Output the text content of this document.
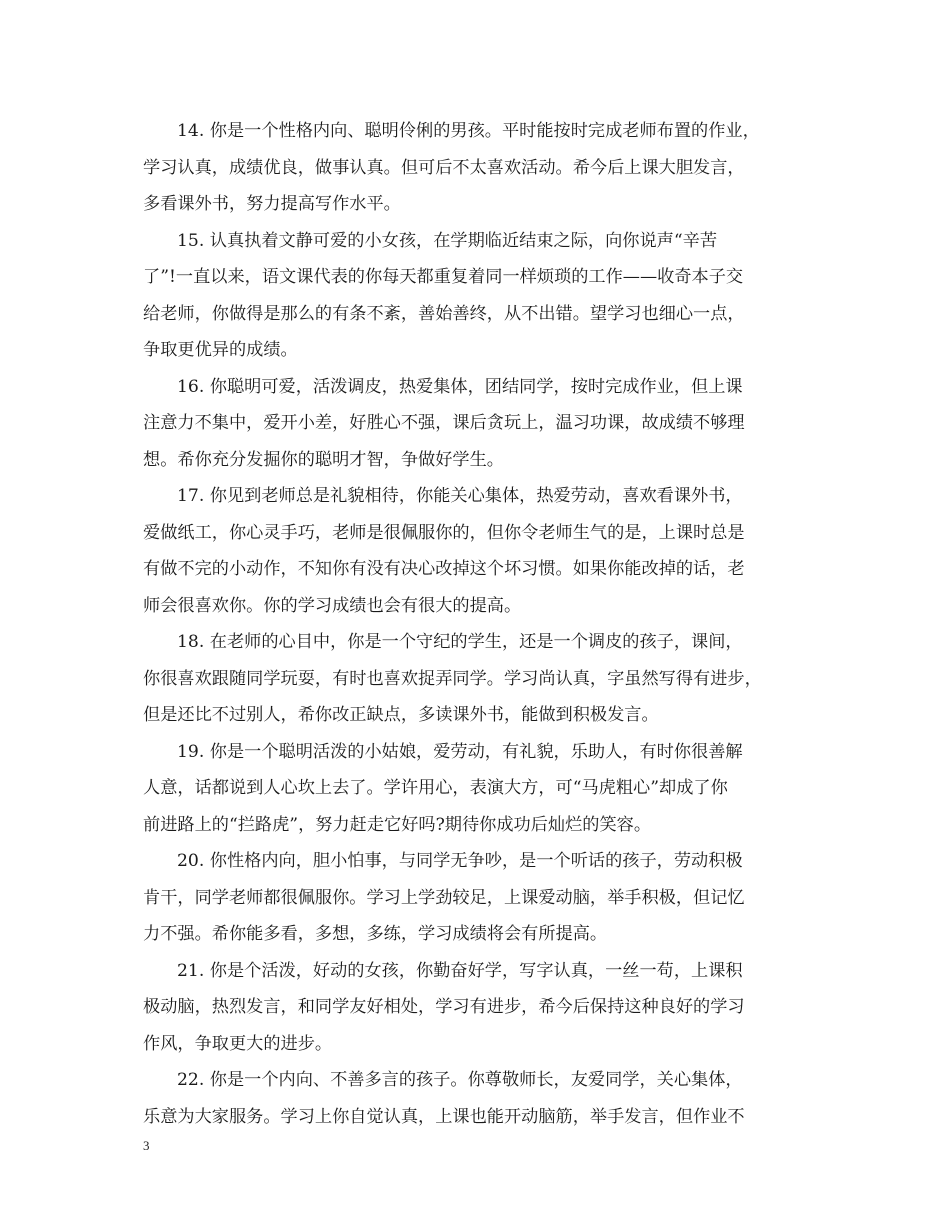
14. 你是一个性格内向、聪明伶俐的男孩。平时能按时完成老师布置的作业，
学习认真，成绩优良，做事认真。但可后不太喜欢活动。希今后上课大胆发言，
多看课外书，努力提高写作水平。
15. 认真执着文静可爱的小女孩，在学期临近结束之际，向你说声“辛苦
了”!一直以来，语文课代表的你每天都重复着同一样烦琐的工作——收奇本子交
给老师，你做得是那么的有条不紊，善始善终，从不出错。望学习也细心一点，
争取更优异的成绩。
16. 你聪明可爱，活泼调皮，热爱集体，团结同学，按时完成作业，但上课
注意力不集中，爱开小差，好胜心不强，课后贪玩上，温习功课，故成绩不够理
想。希你充分发掘你的聪明才智，争做好学生。
17. 你见到老师总是礼貌相待，你能关心集体，热爱劳动，喜欢看课外书，
爱做纸工，你心灵手巧，老师是很佩服你的，但你令老师生气的是，上课时总是
有做不完的小动作，不知你有没有决心改掉这个坏习惯。如果你能改掉的话，老
师会很喜欢你。你的学习成绩也会有很大的提高。
18. 在老师的心目中，你是一个守纪的学生，还是一个调皮的孩子，课间，
你很喜欢跟随同学玩耍，有时也喜欢捉弄同学。学习尚认真，字虽然写得有进步，
但是还比不过别人，希你改正缺点，多读课外书，能做到积极发言。
19. 你是一个聪明活泼的小姑娘，爱劳动，有礼貌，乐助人，有时你很善解
人意，话都说到人心坎上去了。学许用心，表演大方，可“马虎粗心”却成了你
前进路上的“拦路虎”，努力赶走它好吗?期待你成功后灿烂的笑容。
20. 你性格内向，胆小怕事，与同学无争吵，是一个听话的孩子，劳动积极
肯干，同学老师都很佩服你。学习上学劲较足，上课爱动脑，举手积极，但记忆
力不强。希你能多看，多想，多练，学习成绩将会有所提高。
21. 你是个活泼，好动的女孩，你勤奋好学，写字认真，一丝一苟，上课积
极动脑，热烈发言，和同学友好相处，学习有进步，希今后保持这种良好的学习
作风，争取更大的进步。
22. 你是一个内向、不善多言的孩子。你尊敬师长，友爱同学，关心集体，
乐意为大家服务。学习上你自觉认真，上课也能开动脑筋，举手发言，但作业不
3
